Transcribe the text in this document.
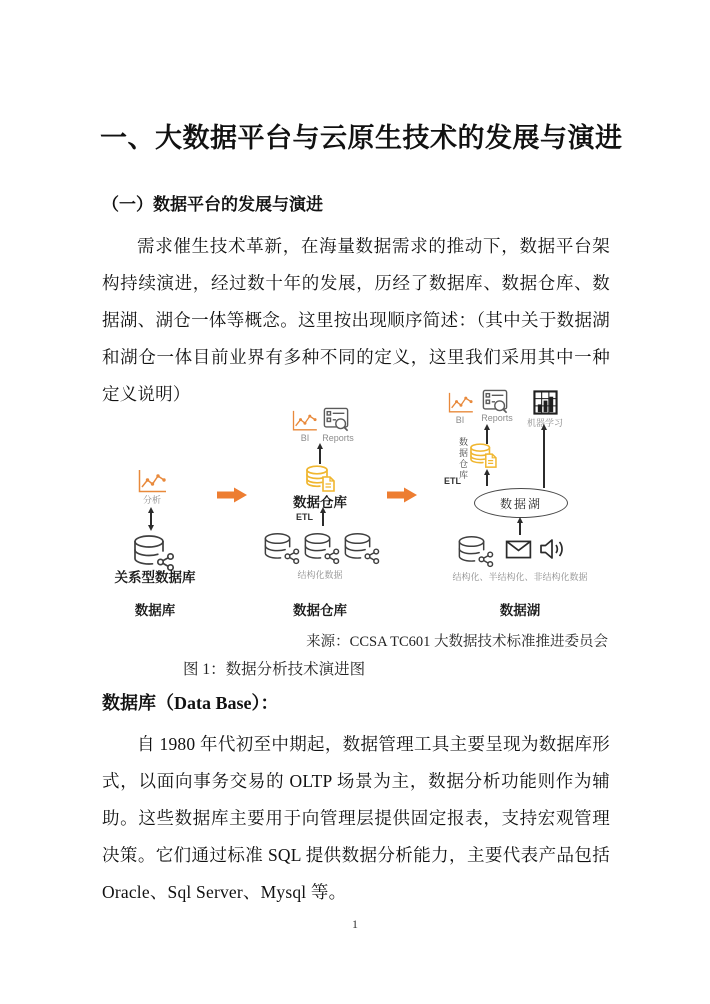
一、大数据平台与云原生技术的发展与演进
（一）数据平台的发展与演进
需求催生技术革新，在海量数据需求的推动下，数据平台架构持续演进，经过数十年的发展，历经了数据库、数据仓库、数据湖、湖仓一体等概念。这里按出现顺序简述：（其中关于数据湖和湖仓一体目前业界有多种不同的定义，这里我们采用其中一种定义说明）
分析
关系型数据库
数据库
BI	Reports
数据仓库
ETL
结构化数据
数据仓库
BI	Reports	机器学习
数据仓库
ETL
数据湖
结构化、半结构化、非结构化数据
数据湖
来源：CCSA TC601 大数据技术标准推进委员会
图 1：数据分析技术演进图
数据库（Data Base）：
自 1980 年代初至中期起，数据管理工具主要呈现为数据库形式，以面向事务交易的 OLTP 场景为主，数据分析功能则作为辅助。这些数据库主要用于向管理层提供固定报表，支持宏观管理决策。它们通过标准 SQL 提供数据分析能力，主要代表产品包括 Oracle、Sql Server、Mysql 等。
1
